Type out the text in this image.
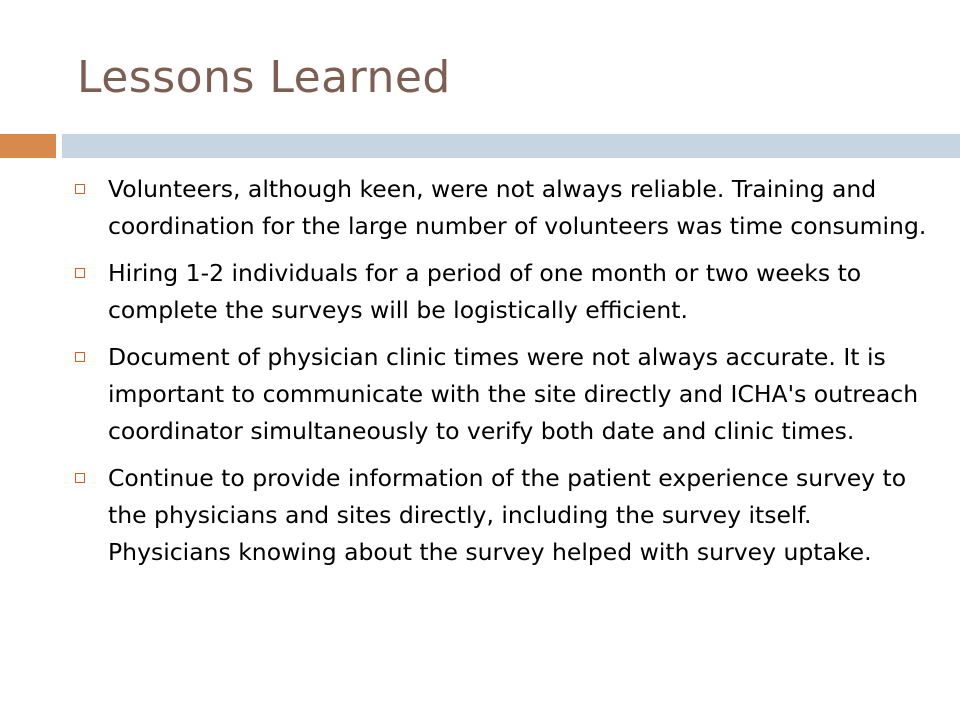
Lessons Learned
Volunteers, although keen, were not always reliable. Training and coordination for the large number of volunteers was time consuming.
Hiring 1-2 individuals for a period of one month or two weeks to complete the surveys will be logistically efficient.
Document of physician clinic times were not always accurate. It is important to communicate with the site directly and ICHA's outreach coordinator simultaneously to verify both date and clinic times.
Continue to provide information of the patient experience survey to the physicians and sites directly, including the survey itself. Physicians knowing about the survey helped with survey uptake.
